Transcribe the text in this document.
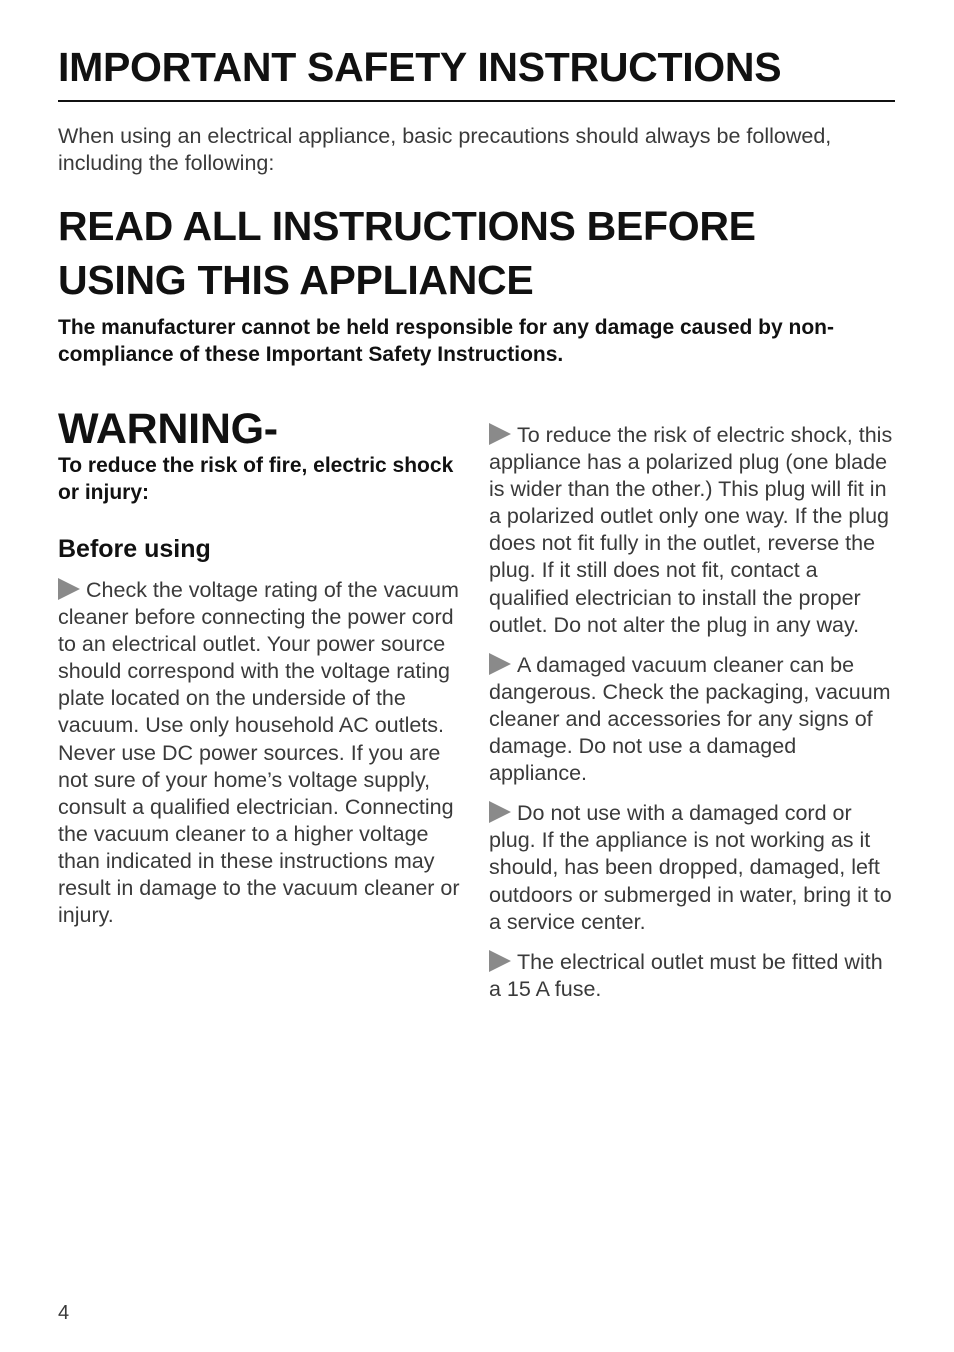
IMPORTANT SAFETY INSTRUCTIONS

When using an electrical appliance, basic precautions should always be followed, including the following:

READ ALL INSTRUCTIONS BEFORE
USING THIS APPLIANCE

The manufacturer cannot be held responsible for any damage caused by non-compliance of these Important Safety Instructions.

WARNING-

To reduce the risk of fire, electric shock or injury:

Before using

Check the voltage rating of the vacuum cleaner before connecting the power cord to an electrical outlet. Your power source should correspond with the voltage rating plate located on the underside of the vacuum. Use only household AC outlets. Never use DC power sources. If you are not sure of your home’s voltage supply, consult a qualified electrician. Connecting the vacuum cleaner to a higher voltage than indicated in these instructions may result in damage to the vacuum cleaner or injury.

To reduce the risk of electric shock, this appliance has a polarized plug (one blade is wider than the other.) This plug will fit in a polarized outlet only one way. If the plug does not fit fully in the outlet, reverse the plug. If it still does not fit, contact a qualified electrician to install the proper outlet. Do not alter the plug in any way.

A damaged vacuum cleaner can be dangerous. Check the packaging, vacuum cleaner and accessories for any signs of damage. Do not use a damaged appliance.

Do not use with a damaged cord or plug. If the appliance is not working as it should, has been dropped, damaged, left outdoors or submerged in water, bring it to a service center.

The electrical outlet must be fitted with a 15 A fuse.

4
